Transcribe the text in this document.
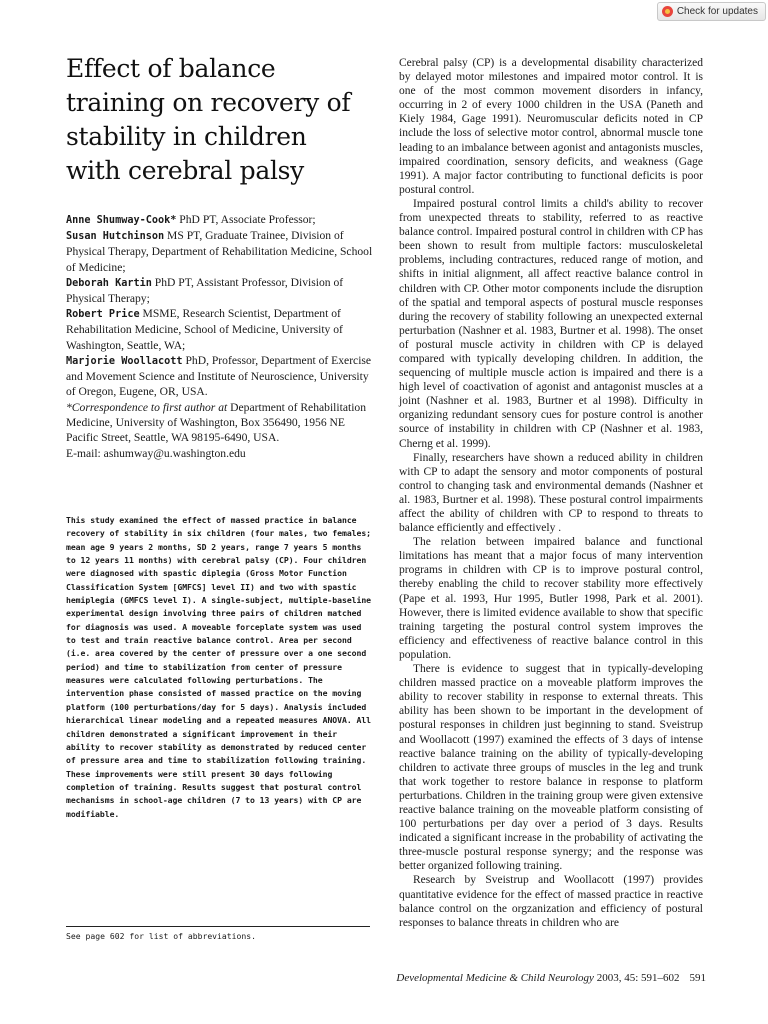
Check for updates
Effect of balance training on recovery of stability in children with cerebral palsy

Anne Shumway-Cook* PhD PT, Associate Professor;

Susan Hutchinson MS PT, Graduate Trainee, Division of Physical Therapy, Department of Rehabilitation Medicine, School of Medicine;

Deborah Kartin PhD PT, Assistant Professor, Division of Physical Therapy;

Robert Price MSME, Research Scientist, Department of Rehabilitation Medicine, School of Medicine, University of Washington, Seattle, WA;

Marjorie Woollacott PhD, Professor, Department of Exercise and Movement Science and Institute of Neuroscience, University of Oregon, Eugene, OR, USA.

*Correspondence to first author at Department of Rehabilitation Medicine, University of Washington, Box 356490, 1956 NE Pacific Street, Seattle, WA 98195-6490, USA.
E-mail: ashumway@u.washington.edu
This study examined the effect of massed practice in balance recovery of stability in six children (four males, two females; mean age 9 years 2 months, SD 2 years, range 7 years 5 months to 12 years 11 months) with cerebral palsy (CP). Four children were diagnosed with spastic diplegia (Gross Motor Function Classification System [GMFCS] level II) and two with spastic hemiplegia (GMFCS level I). A single-subject, multiple-baseline experimental design involving three pairs of children matched for diagnosis was used. A moveable forceplate system was used to test and train reactive balance control. Area per second (i.e. area covered by the center of pressure over a one second period) and time to stabilization from center of pressure measures were calculated following perturbations. The intervention phase consisted of massed practice on the moving platform (100 perturbations/day for 5 days). Analysis included hierarchical linear modeling and a repeated measures ANOVA. All children demonstrated a significant improvement in their ability to recover stability as demonstrated by reduced center of pressure area and time to stabilization following training. These improvements were still present 30 days following completion of training. Results suggest that postural control mechanisms in school-age children (7 to 13 years) with CP are modifiable.
See page 602 for list of abbreviations.

Cerebral palsy (CP) is a developmental disability characterized by delayed motor milestones and impaired motor control. It is one of the most common movement disorders in infancy, occurring in 2 of every 1000 children in the USA (Paneth and Kiely 1984, Gage 1991). Neuromuscular deficits noted in CP include the loss of selective motor control, abnormal muscle tone leading to an imbalance between agonist and antagonists muscles, impaired coordination, sensory deficits, and weakness (Gage 1991). A major factor contributing to functional deficits is poor postural control.

Impaired postural control limits a child's ability to recover from unexpected threats to stability, referred to as reactive balance control. Impaired postural control in children with CP has been shown to result from multiple factors: musculoskeletal problems, including contractures, reduced range of motion, and shifts in initial alignment, all affect reactive balance control in children with CP. Other motor components include the disruption of the spatial and temporal aspects of postural muscle responses during the recovery of stability following an unexpected external perturbation (Nashner et al. 1983, Burtner et al. 1998). The onset of postural muscle activity in children with CP is delayed compared with typically developing children. In addition, the sequencing of multiple muscle action is impaired and there is a high level of coactivation of agonist and antagonist muscles at a joint (Nashner et al. 1983, Burtner et al 1998). Difficulty in organizing redundant sensory cues for posture control is another source of instability in children with CP (Nashner et al. 1983, Cherng et al. 1999).

Finally, researchers have shown a reduced ability in children with CP to adapt the sensory and motor components of postural control to changing task and environmental demands (Nashner et al. 1983, Burtner et al. 1998). These postural control impairments affect the ability of children with CP to respond to threats to balance efficiently and effectively .

The relation between impaired balance and functional limitations has meant that a major focus of many intervention programs in children with CP is to improve postural control, thereby enabling the child to recover stability more effectively (Pape et al. 1993, Hur 1995, Butler 1998, Park et al. 2001). However, there is limited evidence available to show that specific training targeting the postural control system improves the efficiency and effectiveness of reactive balance control in this population.

There is evidence to suggest that in typically-developing children massed practice on a moveable platform improves the ability to recover stability in response to external threats. This ability has been shown to be important in the development of postural responses in children just beginning to stand. Sveistrup and Woollacott (1997) examined the effects of 3 days of intense reactive balance training on the ability of typically-developing children to activate three groups of muscles in the leg and trunk that work together to restore balance in response to platform perturbations. Children in the training group were given extensive reactive balance training on the moveable platform consisting of 100 perturbations per day over a period of 3 days. Results indicated a significant increase in the probability of activating the three-muscle postural response synergy; and the response was better organized following training.

Research by Sveistrup and Woollacott (1997) provides quantitative evidence for the effect of massed practice in reactive balance control on the orgzanization and efficiency of postural responses to balance threats in children who are

Developmental Medicine & Child Neurology 2003, 45: 591–602 591
